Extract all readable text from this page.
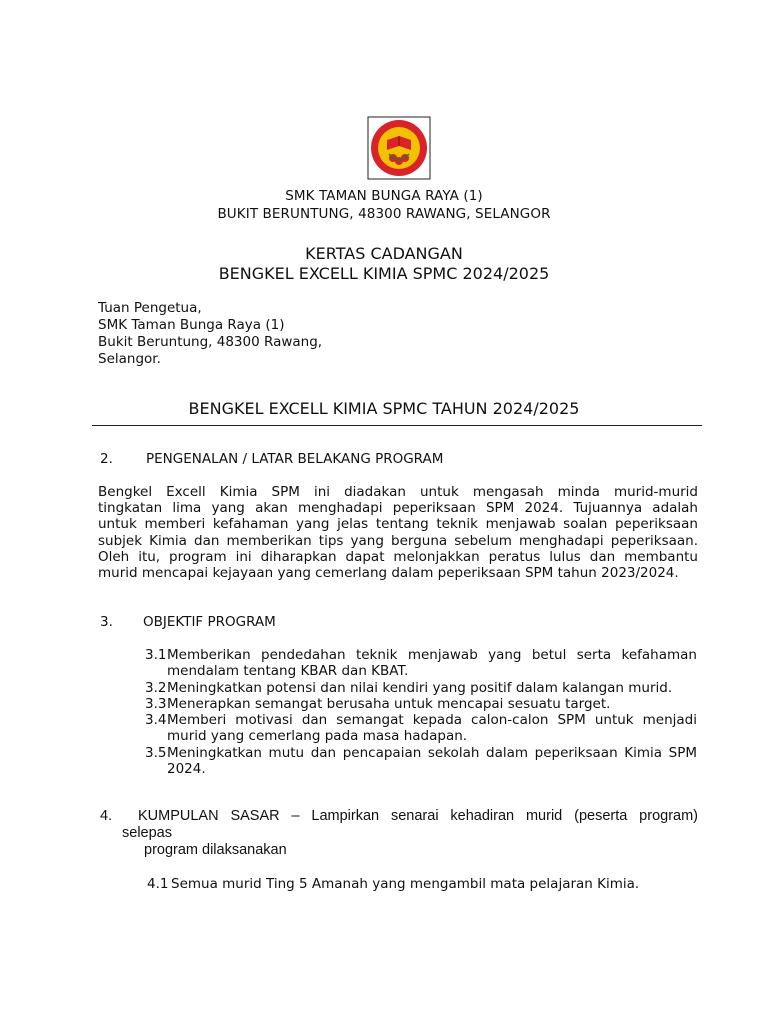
SMK TAMAN BUNGA RAYA (1)
BUKIT BERUNTUNG, 48300 RAWANG, SELANGOR
KERTAS CADANGAN
BENGKEL EXCELL KIMIA SPMC 2024/2025
Tuan Pengetua,
SMK Taman Bunga Raya (1)
Bukit Beruntung, 48300 Rawang,
Selangor.
BENGKEL EXCELL KIMIA SPMC TAHUN 2024/2025
2. PENGENALAN / LATAR BELAKANG PROGRAM

Bengkel Excell Kimia SPM ini diadakan untuk mengasah minda murid-murid

tingkatan lima yang akan menghadapi peperiksaan SPM 2024. Tujuannya adalah

untuk memberi kefahaman yang jelas tentang teknik menjawab soalan peperiksaan

subjek Kimia dan memberikan tips yang berguna sebelum menghadapi peperiksaan.

Oleh itu, program ini diharapkan dapat melonjakkan peratus lulus dan membantu

murid mencapai kejayaan yang cemerlang dalam peperiksaan SPM tahun 2023/2024.

3. OBJEKTIF PROGRAM
3.1 Memberikan pendedahan teknik menjawab yang betul serta kefahaman mendalam tentang KBAR dan KBAT.
3.2 Meningkatkan potensi dan nilai kendiri yang positif dalam kalangan murid.
3.3 Menerapkan semangat berusaha untuk mencapai sesuatu target.
3.4 Memberi motivasi dan semangat kepada calon-calon SPM untuk menjadi murid yang cemerlang pada masa hadapan.
3.5 Meningkatkan mutu dan pencapaian sekolah dalam peperiksaan Kimia SPM 2024.
4. KUMPULAN SASAR – Lampirkan senarai kehadiran murid (peserta program)
selepas
program dilaksanakan
4.1 Semua murid Ting 5 Amanah yang mengambil mata pelajaran Kimia.
